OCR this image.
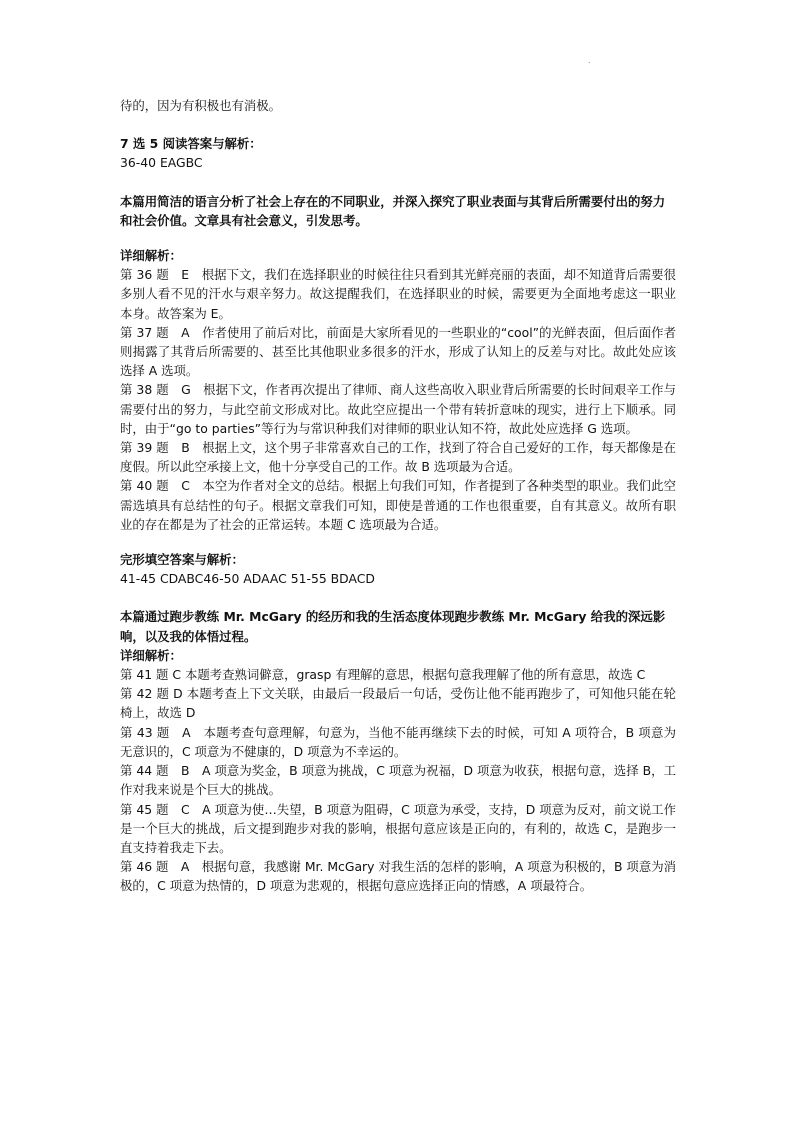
.

待的，因为有积极也有消极。

7 选 5 阅读答案与解析：

36-40 EAGBC

本篇用简洁的语言分析了社会上存在的不同职业，并深入探究了职业表面与其背后所需要付出的努力和社会价值。文章具有社会意义，引发思考。

详细解析：

第 36 题　E　根据下文，我们在选择职业的时候往往只看到其光鲜亮丽的表面，却不知道背后需要很多别人看不见的汗水与艰辛努力。故这提醒我们，在选择职业的时候，需要更为全面地考虑这一职业本身。故答案为 E。

第 37 题　A　作者使用了前后对比，前面是大家所看见的一些职业的“cool”的光鲜表面，但后面作者则揭露了其背后所需要的、甚至比其他职业多很多的汗水，形成了认知上的反差与对比。故此处应该选择 A 选项。

第 38 题　G　根据下文，作者再次提出了律师、商人这些高收入职业背后所需要的长时间艰辛工作与需要付出的努力，与此空前文形成对比。故此空应提出一个带有转折意味的现实，进行上下顺承。同时，由于“go to parties”等行为与常识种我们对律师的职业认知不符，故此处应选择 G 选项。

第 39 题　B　根据上文，这个男子非常喜欢自己的工作，找到了符合自己爱好的工作，每天都像是在度假。所以此空承接上文，他十分享受自己的工作。故 B 选项最为合适。

第 40 题　C　本空为作者对全文的总结。根据上句我们可知，作者提到了各种类型的职业。我们此空需选填具有总结性的句子。根据文章我们可知，即使是普通的工作也很重要，自有其意义。故所有职业的存在都是为了社会的正常运转。本题 C 选项最为合适。

完形填空答案与解析：

41-45 CDABC46-50 ADAAC 51-55 BDACD

本篇通过跑步教练 Mr. McGary 的经历和我的生活态度体现跑步教练 Mr. McGary 给我的深远影响，以及我的体悟过程。

详细解析：

第 41 题 C 本题考查熟词僻意，grasp 有理解的意思，根据句意我理解了他的所有意思，故选 C

第 42 题 D 本题考查上下文关联，由最后一段最后一句话，受伤让他不能再跑步了，可知他只能在轮椅上，故选 D

第 43 题　A　本题考查句意理解，句意为，当他不能再继续下去的时候，可知 A 项符合，B 项意为无意识的，C 项意为不健康的，D 项意为不幸运的。

第 44 题　B　A 项意为奖金，B 项意为挑战，C 项意为祝福，D 项意为收获，根据句意，选择 B，工作对我来说是个巨大的挑战。

第 45 题　C　A 项意为使…失望，B 项意为阻碍，C 项意为承受，支持，D 项意为反对，前文说工作是一个巨大的挑战，后文提到跑步对我的影响，根据句意应该是正向的，有利的，故选 C，是跑步一直支持着我走下去。

第 46 题　A　根据句意，我感谢 Mr. McGary 对我生活的怎样的影响，A 项意为积极的，B 项意为消极的，C 项意为热情的，D 项意为悲观的，根据句意应选择正向的情感，A 项最符合。
